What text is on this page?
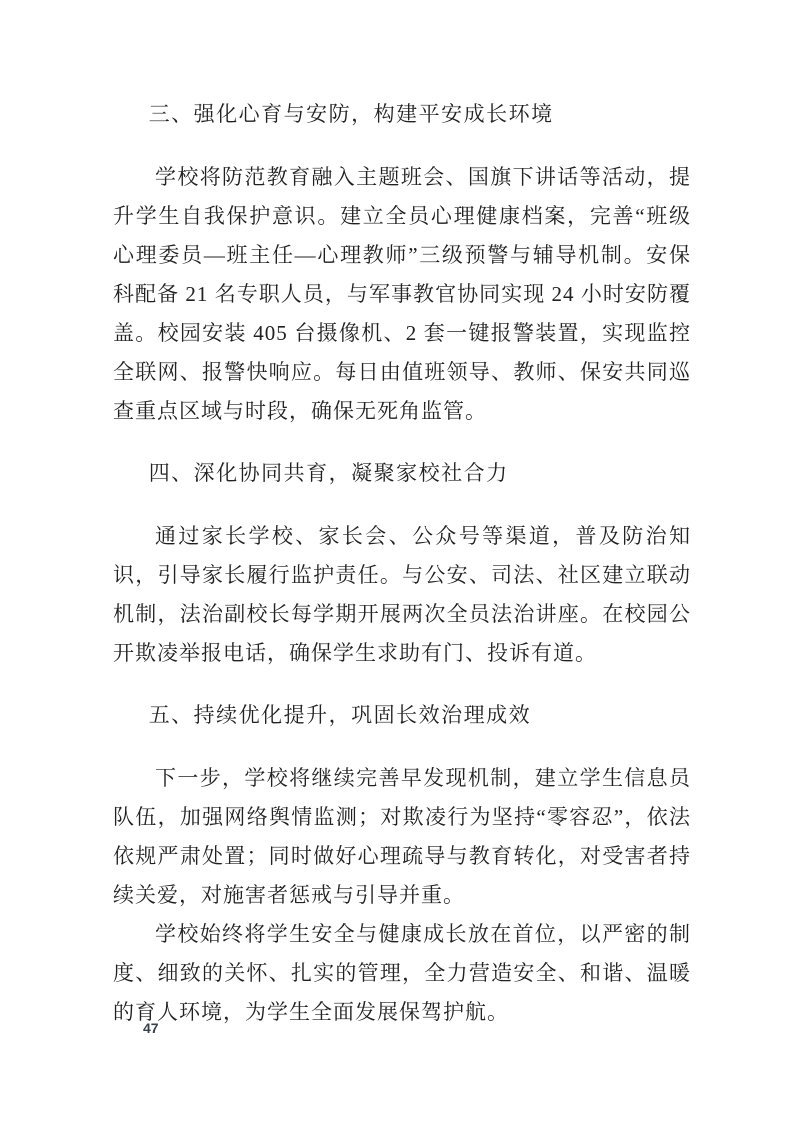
三、强化心育与安防，构建平安成长环境

学校将防范教育融入主题班会、国旗下讲话等活动，提升学生自我保护意识。建立全员心理健康档案，完善“班级心理委员—班主任—心理教师”三级预警与辅导机制。安保科配备 21 名专职人员，与军事教官协同实现 24 小时安防覆盖。校园安装 405 台摄像机、2 套一键报警装置，实现监控全联网、报警快响应。每日由值班领导、教师、保安共同巡查重点区域与时段，确保无死角监管。

四、深化协同共育，凝聚家校社合力

通过家长学校、家长会、公众号等渠道，普及防治知识，引导家长履行监护责任。与公安、司法、社区建立联动机制，法治副校长每学期开展两次全员法治讲座。在校园公开欺凌举报电话，确保学生求助有门、投诉有道。

五、持续优化提升，巩固长效治理成效

下一步，学校将继续完善早发现机制，建立学生信息员队伍，加强网络舆情监测；对欺凌行为坚持“零容忍”，依法依规严肃处置；同时做好心理疏导与教育转化，对受害者持续关爱，对施害者惩戒与引导并重。

学校始终将学生安全与健康成长放在首位，以严密的制度、细致的关怀、扎实的管理，全力营造安全、和谐、温暖的育人环境，为学生全面发展保驾护航。

47
